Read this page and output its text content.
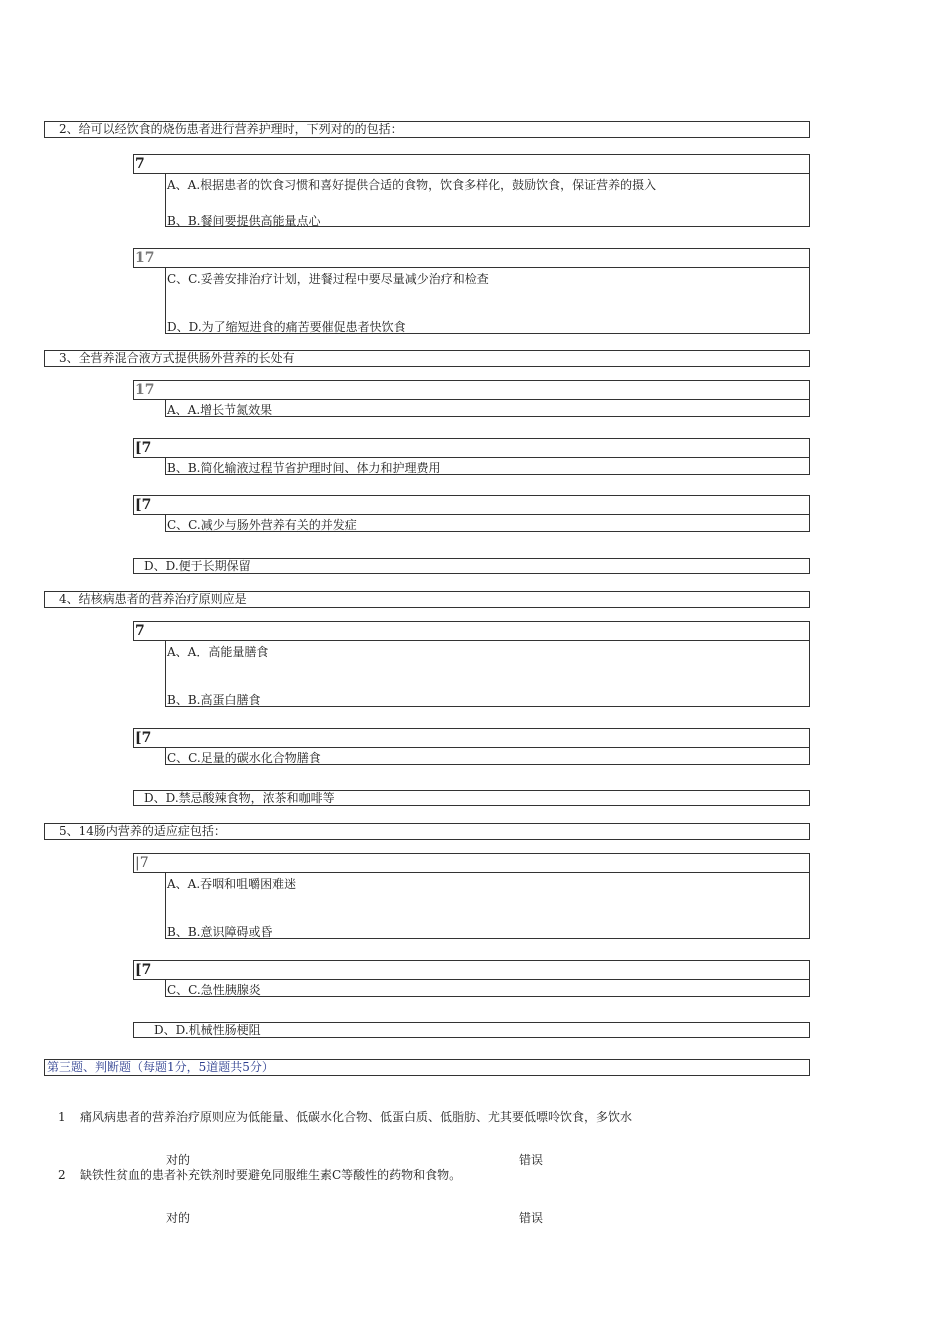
2、给可以经饮食的烧伤患者进行营养护理时，下列对的的包括：
7
A、A.根据患者的饮食习惯和喜好提供合适的食物，饮食多样化，鼓励饮食，保证营养的摄入
B、B.餐间要提供高能量点心
17
C、C.妥善安排治疗计划，进餐过程中要尽量减少治疗和检查
D、D.为了缩短进食的痛苦要催促患者快饮食
3、全营养混合液方式提供肠外营养的长处有
17
A、A.增长节氮效果
[7
B、B.简化输液过程节省护理时间、体力和护理费用
[7
C、C.减少与肠外营养有关的并发症
D、D.便于长期保留
4、结核病患者的营养治疗原则应是
7
A、A．高能量膳食
B、B.高蛋白膳食
[7
C、C.足量的碳水化合物膳食
D、D.禁忌酸辣食物，浓茶和咖啡等
5、14肠内营养的适应症包括：
|7
A、A.吞咽和咀嚼困难迷
B、B.意识障碍或昏
[7
C、C.急性胰腺炎
D、D.机械性肠梗阻
第三题、判断题（每题1分，5道题共5分）
1 痛风病患者的营养治疗原则应为低能量、低碳水化合物、低蛋白质、低脂肪、尤其要低嘌呤饮食，多饮水
对的	错误
2 缺铁性贫血的患者补充铁剂时要避免同服维生素C等酸性的药物和食物。
对的	错误
